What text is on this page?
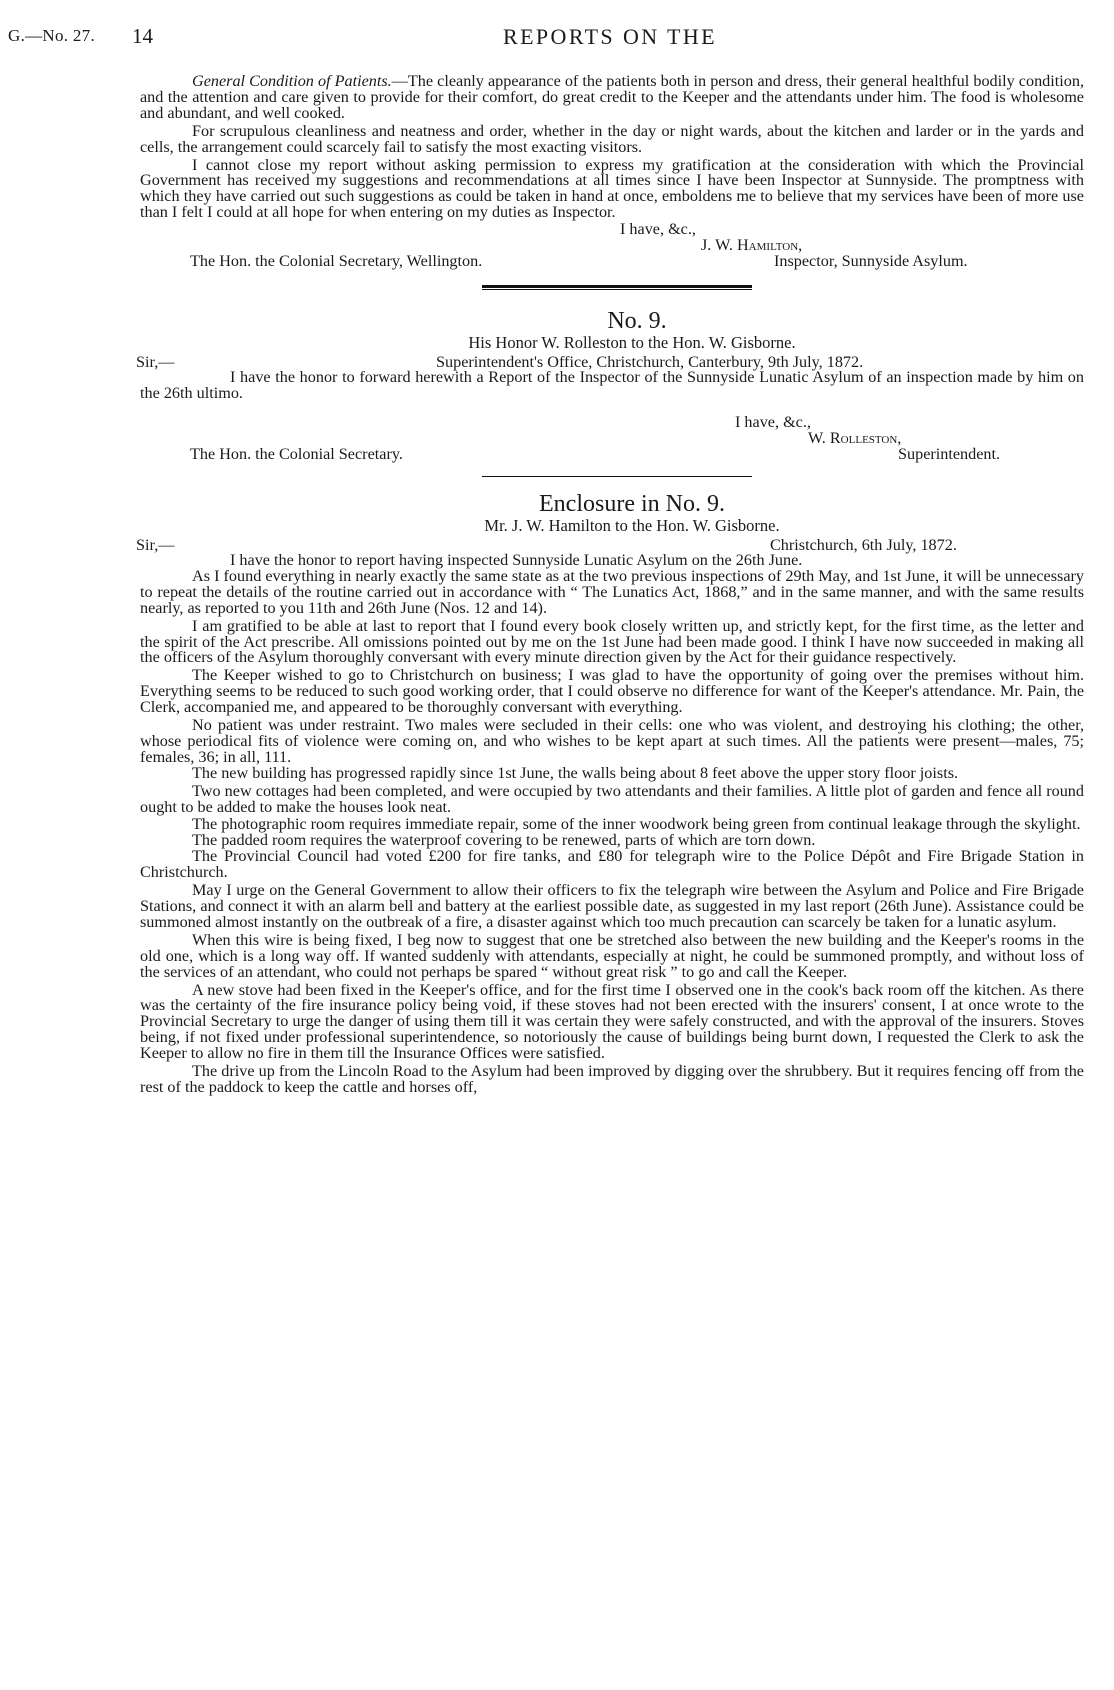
G.—No. 27. 14	REPORTS ON THE

General Condition of Patients.—The cleanly appearance of the patients both in person and dress, their general healthful bodily condition, and the attention and care given to provide for their comfort, do great credit to the Keeper and the attendants under him. The food is wholesome and abundant, and well cooked.

For scrupulous cleanliness and neatness and order, whether in the day or night wards, about the kitchen and larder or in the yards and cells, the arrangement could scarcely fail to satisfy the most exacting visitors.

I cannot close my report without asking permission to express my gratification at the consideration with which the Provincial Government has received my suggestions and recommendations at all times since I have been Inspector at Sunnyside. The promptness with which they have carried out such suggestions as could be taken in hand at once, emboldens me to believe that my services have been of more use than I felt I could at all hope for when entering on my duties as Inspector.

I have, &c.,
J. W. Hamilton,
The Hon. the Colonial Secretary, Wellington.	Inspector, Sunnyside Asylum.
No. 9.
His Honor W. Rolleston to the Hon. W. Gisborne.
Sir,—	Superintendent's Office, Christchurch, Canterbury, 9th July, 1872.

I have the honor to forward herewith a Report of the Inspector of the Sunnyside Lunatic Asylum of an inspection made by him on the 26th ultimo.

I have, &c.,
W. Rolleston,
The Hon. the Colonial Secretary.	Superintendent.
Enclosure in No. 9.
Mr. J. W. Hamilton to the Hon. W. Gisborne.
Sir,—	Christchurch, 6th July, 1872.

I have the honor to report having inspected Sunnyside Lunatic Asylum on the 26th June.

As I found everything in nearly exactly the same state as at the two previous inspections of 29th May, and 1st June, it will be unnecessary to repeat the details of the routine carried out in accordance with “ The Lunatics Act, 1868,” and in the same manner, and with the same results nearly, as reported to you 11th and 26th June (Nos. 12 and 14).

I am gratified to be able at last to report that I found every book closely written up, and strictly kept, for the first time, as the letter and the spirit of the Act prescribe. All omissions pointed out by me on the 1st June had been made good. I think I have now succeeded in making all the officers of the Asylum thoroughly conversant with every minute direction given by the Act for their guidance respectively.

The Keeper wished to go to Christchurch on business; I was glad to have the opportunity of going over the premises without him. Everything seems to be reduced to such good working order, that I could observe no difference for want of the Keeper's attendance. Mr. Pain, the Clerk, accompanied me, and appeared to be thoroughly conversant with everything.

No patient was under restraint. Two males were secluded in their cells: one who was violent, and destroying his clothing; the other, whose periodical fits of violence were coming on, and who wishes to be kept apart at such times. All the patients were present—males, 75; females, 36; in all, 111.

The new building has progressed rapidly since 1st June, the walls being about 8 feet above the upper story floor joists.

Two new cottages had been completed, and were occupied by two attendants and their families. A little plot of garden and fence all round ought to be added to make the houses look neat.

The photographic room requires immediate repair, some of the inner woodwork being green from continual leakage through the skylight.

The padded room requires the waterproof covering to be renewed, parts of which are torn down.

The Provincial Council had voted £200 for fire tanks, and £80 for telegraph wire to the Police Dépôt and Fire Brigade Station in Christchurch.

May I urge on the General Government to allow their officers to fix the telegraph wire between the Asylum and Police and Fire Brigade Stations, and connect it with an alarm bell and battery at the earliest possible date, as suggested in my last report (26th June). Assistance could be summoned almost instantly on the outbreak of a fire, a disaster against which too much precaution can scarcely be taken for a lunatic asylum.

When this wire is being fixed, I beg now to suggest that one be stretched also between the new building and the Keeper's rooms in the old one, which is a long way off. If wanted suddenly with attendants, especially at night, he could be summoned promptly, and without loss of the services of an attendant, who could not perhaps be spared “ without great risk ” to go and call the Keeper.

A new stove had been fixed in the Keeper's office, and for the first time I observed one in the cook's back room off the kitchen. As there was the certainty of the fire insurance policy being void, if these stoves had not been erected with the insurers' consent, I at once wrote to the Provincial Secretary to urge the danger of using them till it was certain they were safely constructed, and with the approval of the insurers. Stoves being, if not fixed under professional superintendence, so notoriously the cause of buildings being burnt down, I requested the Clerk to ask the Keeper to allow no fire in them till the Insurance Offices were satisfied.

The drive up from the Lincoln Road to the Asylum had been improved by digging over the shrubbery. But it requires fencing off from the rest of the paddock to keep the cattle and horses off,
